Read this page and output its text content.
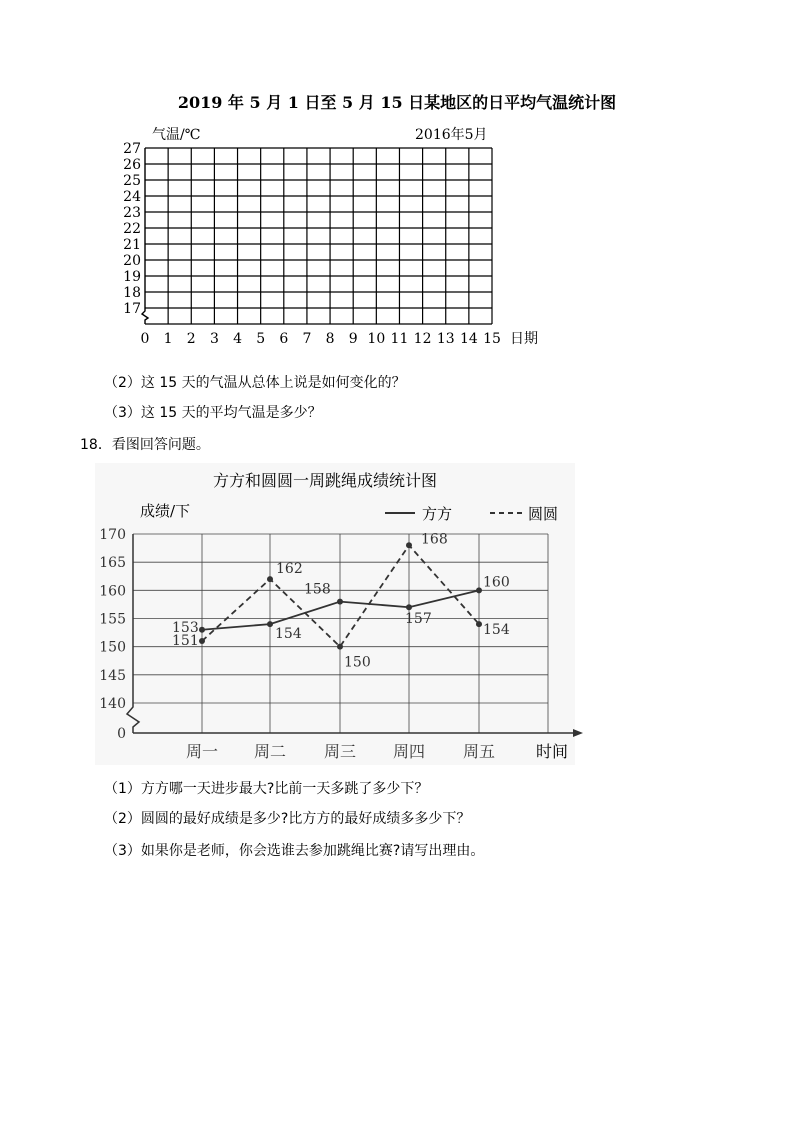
2019 年 5 月 1 日至 5 月 15 日某地区的日平均气温统计图
27
26
25
24
23
22
21
20
19
18
17
0 1 2 3 4 5 6 7 8 9 10 11 12 13 14 15
气温/℃	2016年5月
日期
（2）这 15 天的气温从总体上说是如何变化的？
（3）这 15 天的平均气温是多少？
18．看图回答问题。
方方和圆圆一周跳绳成绩统计图
成绩/下	方方	圆圆
170
165
160
155
150
145
140
0
周一 周二 周三 周四 周五	时间
153	154
158
157
160
151
162
150
168
154
（1）方方哪一天进步最大?比前一天多跳了多少下？
（2）圆圆的最好成绩是多少?比方方的最好成绩多多少下？
（3）如果你是老师，你会选谁去参加跳绳比赛?请写出理由。
